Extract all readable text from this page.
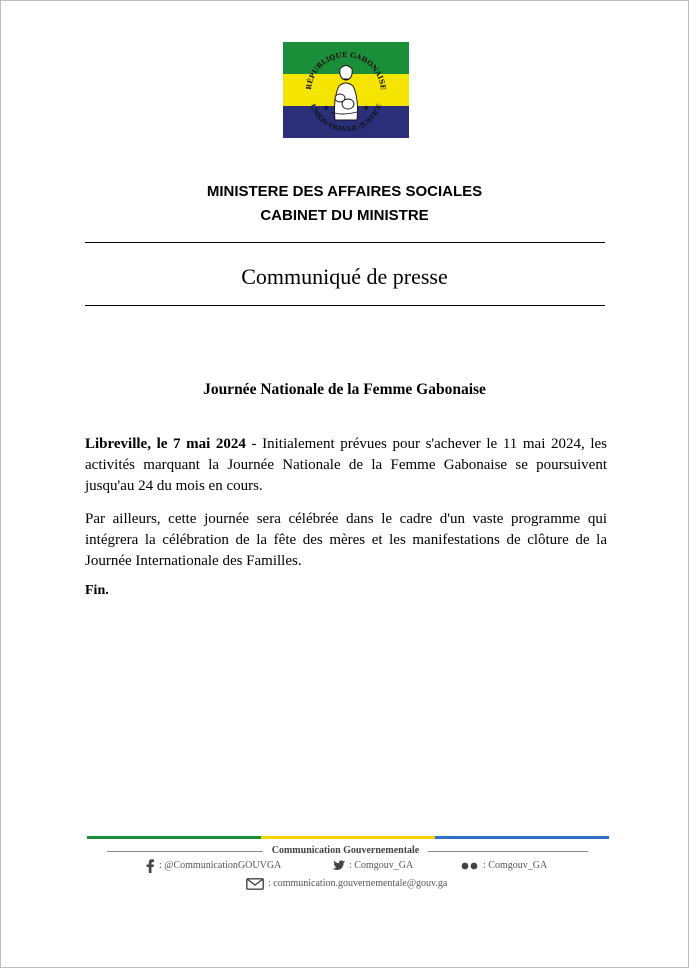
RÉPUBLIQUE GABONAISE
UNION-TRAVAIL-JUSTICE
★	★
MINISTERE DES AFFAIRES SOCIALES
CABINET DU MINISTRE
Communiqué de presse
Journée Nationale de la Femme Gabonaise

Libreville, le 7 mai 2024 - Initialement prévues pour s'achever le 11 mai 2024, les activités marquant la Journée Nationale de la Femme Gabonaise se poursuivent jusqu'au 24 du mois en cours.

Par ailleurs, cette journée sera célébrée dans le cadre d'un vaste programme qui intégrera la célébration de la fête des mères et les manifestations de clôture de la Journée Internationale des Familles.

Fin.
Communication Gouvernementale
: @CommunicationGOUVGA	: Comgouv_GA	: Comgouv_GA
: communication.gouvernementale@gouv.ga
